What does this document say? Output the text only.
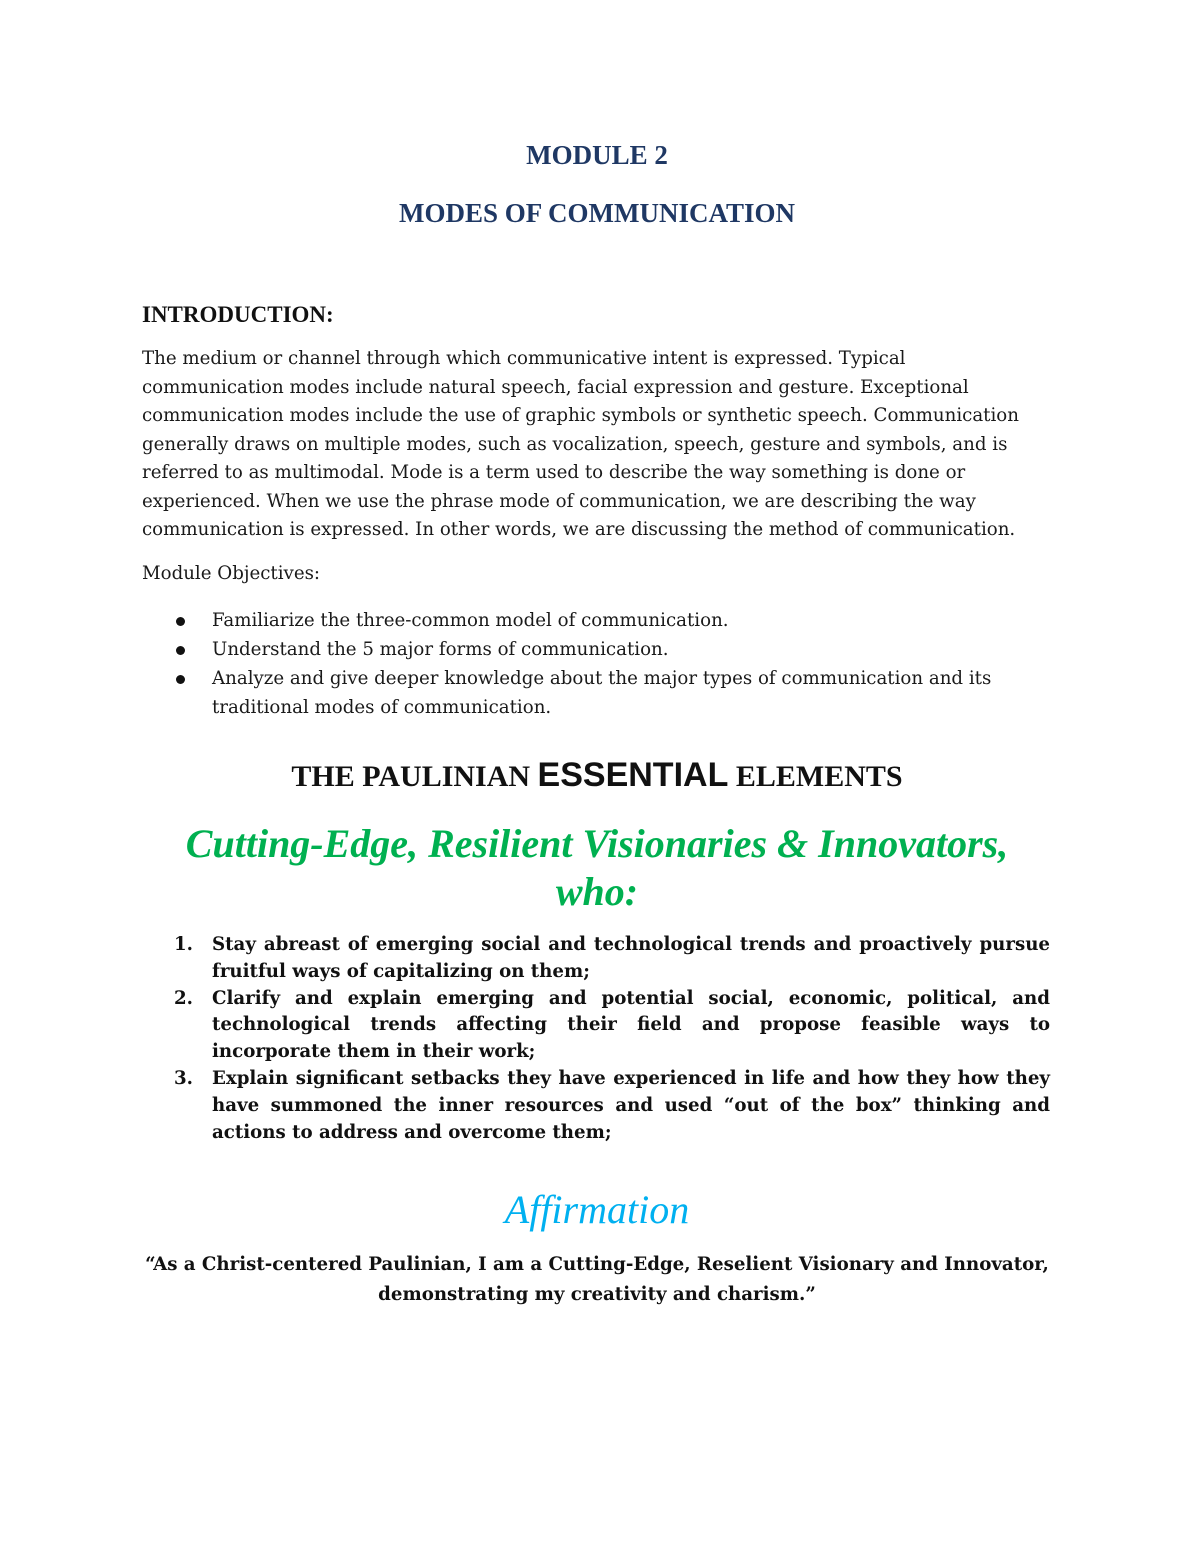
MODULE 2
MODES OF COMMUNICATION
INTRODUCTION:

The medium or channel through which communicative intent is expressed. Typical communication modes include natural speech, facial expression and gesture. Exceptional communication modes include the use of graphic symbols or synthetic speech. Communication generally draws on multiple modes, such as vocalization, speech, gesture and symbols, and is referred to as multimodal. Mode is a term used to describe the way something is done or experienced. When we use the phrase mode of communication, we are describing the way communication is expressed. In other words, we are discussing the method of communication.

Module Objectives:
Familiarize the three-common model of communication.
Understand the 5 major forms of communication.
Analyze and give deeper knowledge about the major types of communication and its traditional modes of communication.
THE PAULINIAN ESSENTIAL ELEMENTS
Cutting-Edge, Resilient Visionaries & Innovators, who:
1. Stay abreast of emerging social and technological trends and proactively pursue fruitful ways of capitalizing on them;
2. Clarify and explain emerging and potential social, economic, political, and technological trends affecting their field and propose feasible ways to incorporate them in their work;
3. Explain significant setbacks they have experienced in life and how they how they have summoned the inner resources and used “out of the box” thinking and actions to address and overcome them;
Affirmation

“As a Christ-centered Paulinian, I am a Cutting-Edge, Reselient Visionary and Innovator, demonstrating my creativity and charism.”
